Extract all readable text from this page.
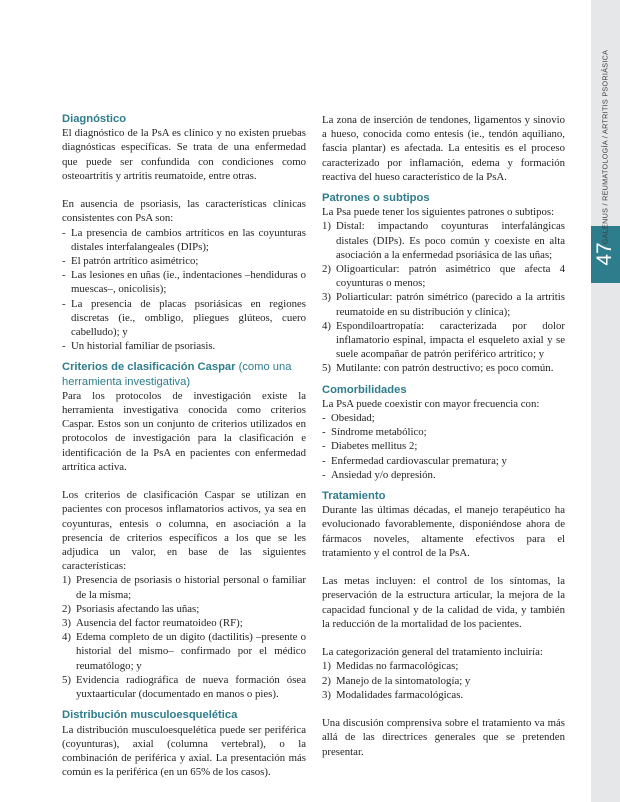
47
GALENUS / REUMATOLOGÍA / ARTRITIS PSORIÁSICA
Diagnóstico

El diagnóstico de la PsA es clínico y no existen pruebas diagnósticas específicas. Se trata de una enfermedad que puede ser confundida con condiciones como osteoartritis y artritis reumatoide, entre otras.

En ausencia de psoriasis, las características clínicas consistentes con PsA son:

- La presencia de cambios artríticos en las coyunturas distales interfalangeales (DIPs);
- El patrón artrítico asimétrico;
- Las lesiones en uñas (ie., indentaciones –hendiduras o muescas–, onicolisis);
- La presencia de placas psoriásicas en regiones discretas (ie., ombligo, pliegues glúteos, cuero cabelludo); y
- Un historial familiar de psoriasis.
Criterios de clasificación Caspar (como una herramienta investigativa)

Para los protocolos de investigación existe la herramienta investigativa conocida como criterios Caspar. Estos son un conjunto de criterios utilizados en protocolos de investigación para la clasificación e identificación de la PsA en pacientes con enfermedad artrítica activa.

Los criterios de clasificación Caspar se utilizan en pacientes con procesos inflamatorios activos, ya sea en coyunturas, entesis o columna, en asociación a la presencia de criterios específicos a los que se les adjudica un valor, en base de las siguientes características:

1) Presencia de psoriasis o historial personal o familiar de la misma;
2) Psoriasis afectando las uñas;
3) Ausencia del factor reumatoideo (RF);
4) Edema completo de un digito (dactilitis) –presente o historial del mismo– confirmado por el médico reumatólogo; y
5) Evidencia radiográfica de nueva formación ósea yuxtaarticular (documentado en manos o pies).
Distribución musculoesquelética

La distribución musculoesquelética puede ser periférica (coyunturas), axial (columna vertebral), o la combinación de periférica y axial. La presentación más común es la periférica (en un 65% de los casos).

La zona de inserción de tendones, ligamentos y sinovio a hueso, conocida como entesis (ie., tendón aquiliano, fascia plantar) es afectada. La entesitis es el proceso caracterizado por inflamación, edema y formación reactiva del hueso característico de la PsA.

Patrones o subtipos

La Psa puede tener los siguientes patrones o subtipos:

1) Distal: impactando coyunturas interfalángicas distales (DIPs). Es poco común y coexiste en alta asociación a la enfermedad psoriásica de las uñas;
2) Oligoarticular: patrón asimétrico que afecta 4 coyunturas o menos;
3) Poliarticular: patrón simétrico (parecido a la artritis reumatoide en su distribución y clínica);
4) Espondiloartropatía: caracterizada por dolor inflamatorio espinal, impacta el esqueleto axial y se suele acompañar de patrón periférico artrítico; y
5) Mutilante: con patrón destructivo; es poco común.
Comorbilidades

La PsA puede coexistir con mayor frecuencia con:

- Obesidad;
- Síndrome metabólico;
- Diabetes mellitus 2;
- Enfermedad cardiovascular prematura; y
- Ansiedad y/o depresión.
Tratamiento

Durante las últimas décadas, el manejo terapéutico ha evolucionado favorablemente, disponiéndose ahora de fármacos noveles, altamente efectivos para el tratamiento y el control de la PsA.

Las metas incluyen: el control de los síntomas, la preservación de la estructura articular, la mejora de la capacidad funcional y de la calidad de vida, y también la reducción de la mortalidad de los pacientes.

La categorización general del tratamiento incluiría:

1) Medidas no farmacológicas;
2) Manejo de la sintomatología; y
3) Modalidades farmacológicas.

Una discusión comprensiva sobre el tratamiento va más allá de las directrices generales que se pretenden presentar.
